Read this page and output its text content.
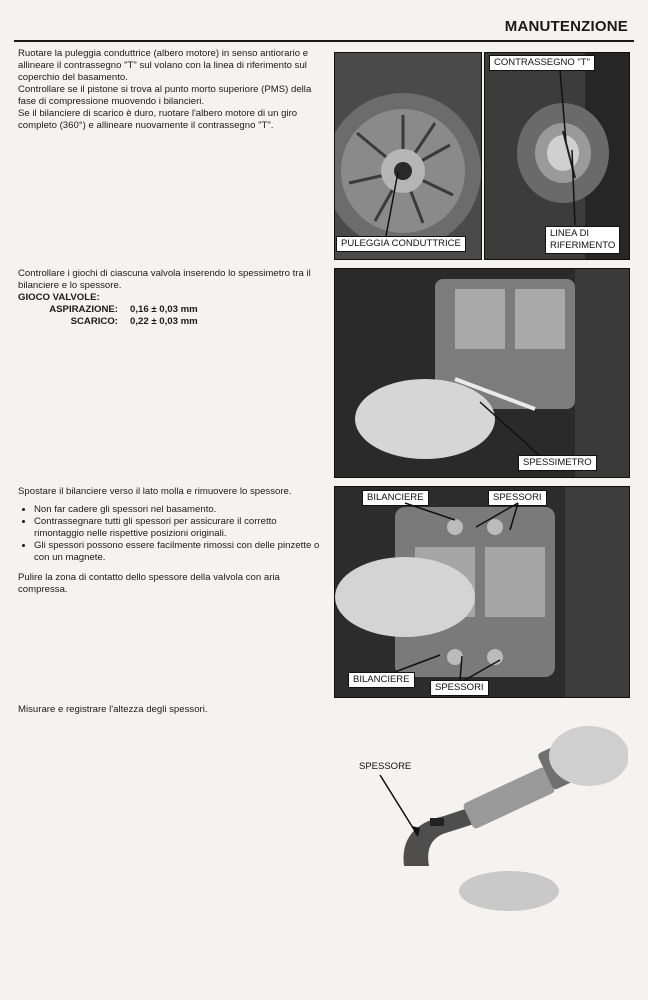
MANUTENZIONE

Ruotare la puleggia conduttrice (albero motore) in senso antiorario e allineare il contrassegno "T" sul volano con la linea di riferimento sul coperchio del basamento.

Controllare se il pistone si trova al punto morto superiore (PMS) della fase di compressione muovendo i bilancieri.

Se il bilanciere di scarico è duro, ruotare l'albero motore di un giro completo (360°) e allineare nuovamente il contrassegno "T".

PULEGGIA CONDUTTRICE
CONTRASSEGNO "T"
LINEA DI
RIFERIMENTO

Controllare i giochi di ciascuna valvola inserendo lo spessimetro tra il bilanciere e lo spessore.

GIOCO VALVOLE:

ASPIRAZIONE:	0,16 ± 0,03 mm
SCARICO:	0,22 ± 0,03 mm
SPESSIMETRO

Spostare il bilanciere verso il lato molla e rimuovere lo spessore.

• Non far cadere gli spessori nel basamento.
• Contrassegnare tutti gli spessori per assicurare il corretto rimontaggio nelle rispettive posizioni originali.
• Gli spessori possono essere facilmente rimossi con delle pinzette o con un magnete.

Pulire la zona di contatto dello spessore della valvola con aria compressa.

BILANCIERE	SPESSORI
BILANCIERE
SPESSORI

Misurare e registrare l'altezza degli spessori.

SPESSORE
